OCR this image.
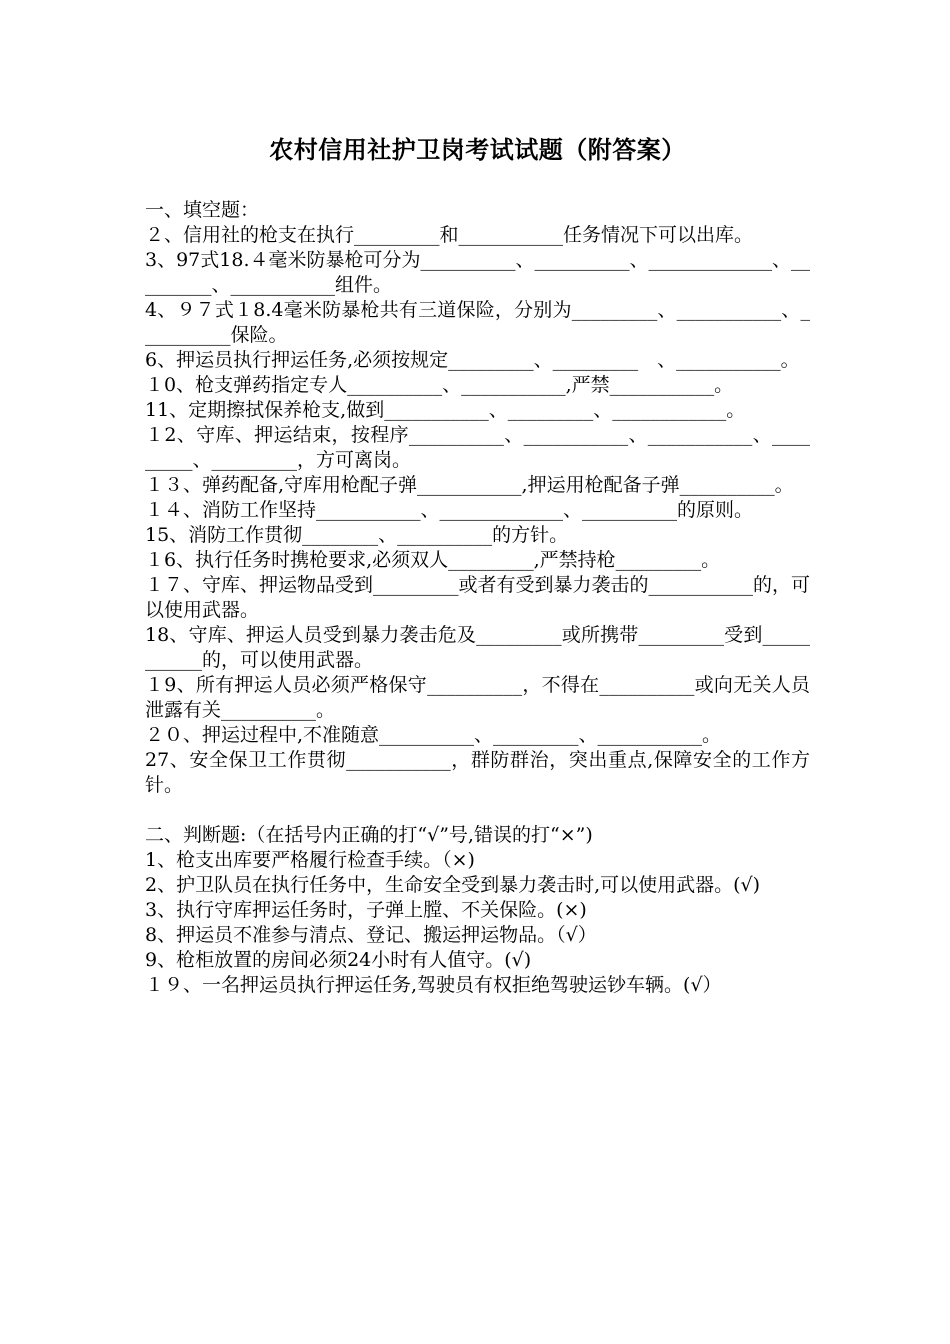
农村信用社护卫岗考试试题（附答案）

一、填空题：

２、信用社的枪支在执行_________和___________任务情况下可以出库。

3、97式18.４毫米防暴枪可分为__________、__________、_____________、_________、___________组件。

4、９７式１8.4毫米防暴枪共有三道保险，分别为_________、___________、__________保险。

6、押运员执行押运任务,必须按规定_________、_________　、___________。

１0、枪支弹药指定专人__________、___________,严禁___________。

11、定期擦拭保养枪支,做到___________、_________、____________。

１2、守库、押运结束，按程序__________、___________、___________、_________、_________，方可离岗。

１３、弹药配备,守库用枪配子弹___________,押运用枪配备子弹__________。

１４、消防工作坚持___________、_____________、__________的原则。

15、消防工作贯彻________、__________的方针。

１6、执行任务时携枪要求,必须双人_________,严禁持枪_________。

１７、守库、押运物品受到_________或者有受到暴力袭击的___________的，可以使用武器。

18、守库、押运人员受到暴力袭击危及_________或所携带_________受到___________的，可以使用武器。

１9、所有押运人员必须严格保守__________，不得在__________或向无关人员泄露有关__________。

２０、押运过程中,不准随意__________、_________、___________。

27、安全保卫工作贯彻___________，群防群治，突出重点,保障安全的工作方针。

二、判断题:（在括号内正确的打“√”号,错误的打“×”)

1、枪支出库要严格履行检查手续。（×)

2、护卫队员在执行任务中，生命安全受到暴力袭击时,可以使用武器。(√)

3、执行守库押运任务时，子弹上膛、不关保险。(×)

8、押运员不准参与清点、登记、搬运押运物品。（√）

9、枪柜放置的房间必须24小时有人值守。(√)

１９、一名押运员执行押运任务,驾驶员有权拒绝驾驶运钞车辆。(√）
